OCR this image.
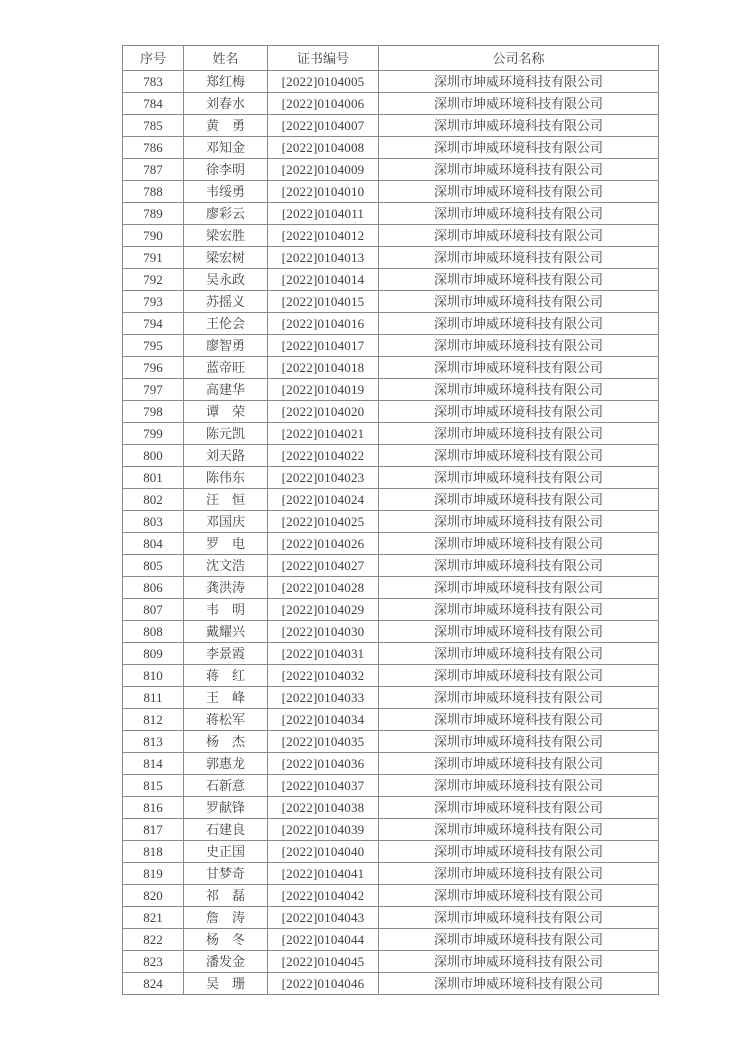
序号	姓名	证书编号	公司名称
783	郑红梅	[2022]0104005	深圳市坤威环境科技有限公司
784	刘春水	[2022]0104006	深圳市坤威环境科技有限公司
785	黄　勇	[2022]0104007	深圳市坤威环境科技有限公司
786	邓知金	[2022]0104008	深圳市坤威环境科技有限公司
787	徐李明	[2022]0104009	深圳市坤威环境科技有限公司
788	韦绥勇	[2022]0104010	深圳市坤威环境科技有限公司
789	廖彩云	[2022]0104011	深圳市坤威环境科技有限公司
790	梁宏胜	[2022]0104012	深圳市坤威环境科技有限公司
791	梁宏树	[2022]0104013	深圳市坤威环境科技有限公司
792	吴永政	[2022]0104014	深圳市坤威环境科技有限公司
793	苏摇义	[2022]0104015	深圳市坤威环境科技有限公司
794	王伦会	[2022]0104016	深圳市坤威环境科技有限公司
795	廖智勇	[2022]0104017	深圳市坤威环境科技有限公司
796	蓝帝旺	[2022]0104018	深圳市坤威环境科技有限公司
797	高建华	[2022]0104019	深圳市坤威环境科技有限公司
798	谭　荣	[2022]0104020	深圳市坤威环境科技有限公司
799	陈元凯	[2022]0104021	深圳市坤威环境科技有限公司
800	刘天路	[2022]0104022	深圳市坤威环境科技有限公司
801	陈伟东	[2022]0104023	深圳市坤威环境科技有限公司
802	汪　恒	[2022]0104024	深圳市坤威环境科技有限公司
803	邓国庆	[2022]0104025	深圳市坤威环境科技有限公司
804	罗　电	[2022]0104026	深圳市坤威环境科技有限公司
805	沈文浩	[2022]0104027	深圳市坤威环境科技有限公司
806	龚洪涛	[2022]0104028	深圳市坤威环境科技有限公司
807	韦　明	[2022]0104029	深圳市坤威环境科技有限公司
808	戴耀兴	[2022]0104030	深圳市坤威环境科技有限公司
809	李景霞	[2022]0104031	深圳市坤威环境科技有限公司
810	蒋　红	[2022]0104032	深圳市坤威环境科技有限公司
811	王　峰	[2022]0104033	深圳市坤威环境科技有限公司
812	蒋松军	[2022]0104034	深圳市坤威环境科技有限公司
813	杨　杰	[2022]0104035	深圳市坤威环境科技有限公司
814	郭惠龙	[2022]0104036	深圳市坤威环境科技有限公司
815	石新意	[2022]0104037	深圳市坤威环境科技有限公司
816	罗献锋	[2022]0104038	深圳市坤威环境科技有限公司
817	石建良	[2022]0104039	深圳市坤威环境科技有限公司
818	史正国	[2022]0104040	深圳市坤威环境科技有限公司
819	甘梦奇	[2022]0104041	深圳市坤威环境科技有限公司
820	祁　磊	[2022]0104042	深圳市坤威环境科技有限公司
821	詹　涛	[2022]0104043	深圳市坤威环境科技有限公司
822	杨　冬	[2022]0104044	深圳市坤威环境科技有限公司
823	潘发金	[2022]0104045	深圳市坤威环境科技有限公司
824	吴　珊	[2022]0104046	深圳市坤威环境科技有限公司
